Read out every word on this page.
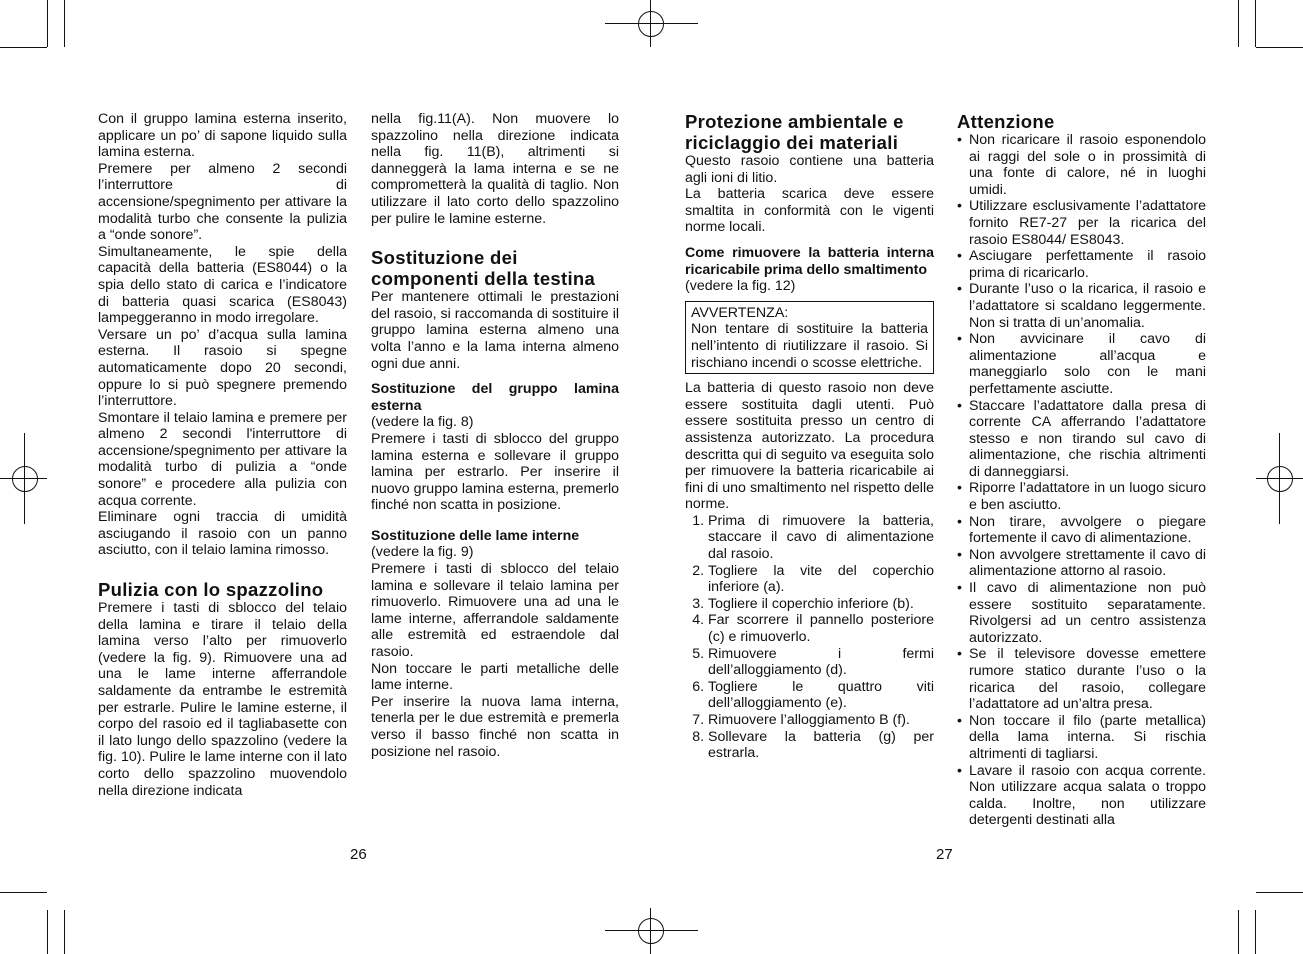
Con il gruppo lamina esterna inserito, applicare un po’ di sapone liquido sulla lamina esterna.

Premere per almeno 2 secondi l’interruttore di accensione/spegnimento per attivare la modalità turbo che consente la pulizia a “onde sonore”.

Simultaneamente, le spie della capacità della batteria (ES8044) o la spia dello stato di carica e l’indicatore di batteria quasi scarica (ES8043) lampeggeranno in modo irregolare.

Versare un po’ d’acqua sulla lamina esterna. Il rasoio si spegne automaticamente dopo 20 secondi, oppure lo si può spegnere premendo l’interruttore.

Smontare il telaio lamina e premere per almeno 2 secondi l'interruttore di accensione/spegnimento per attivare la modalità turbo di pulizia a “onde sonore” e procedere alla pulizia con acqua corrente.

Eliminare ogni traccia di umidità asciugando il rasoio con un panno asciutto, con il telaio lamina rimosso.

Pulizia con lo spazzolino

Premere i tasti di sblocco del telaio della lamina e tirare il telaio della lamina verso l’alto per rimuoverlo (vedere la fig. 9). Rimuovere una ad una le lame interne afferrandole saldamente da entrambe le estremità per estrarle. Pulire le lamine esterne, il corpo del rasoio ed il tagliabasette con il lato lungo dello spazzolino (vedere la fig. 10). Pulire le lame interne con il lato corto dello spazzolino muovendolo nella direzione indicata

nella fig.11(A). Non muovere lo spazzolino nella direzione indicata nella fig. 11(B), altrimenti si danneggerà la lama interna e se ne comprometterà la qualità di taglio. Non utilizzare il lato corto dello spazzolino per pulire le lamine esterne.

Sostituzione dei componenti della testina

Per mantenere ottimali le prestazioni del rasoio, si raccomanda di sostituire il gruppo lamina esterna almeno una volta l’anno e la lama interna almeno ogni due anni.

Sostituzione del gruppo lamina esterna

(vedere la fig. 8)

Premere i tasti di sblocco del gruppo lamina esterna e sollevare il gruppo lamina per estrarlo. Per inserire il nuovo gruppo lamina esterna, premerlo finché non scatta in posizione.

Sostituzione delle lame interne

(vedere la fig. 9)

Premere i tasti di sblocco del telaio lamina e sollevare il telaio lamina per rimuoverlo. Rimuovere una ad una le lame interne, afferrandole saldamente alle estremità ed estraendole dal rasoio.

Non toccare le parti metalliche delle lame interne.

Per inserire la nuova lama interna, tenerla per le due estremità e premerla verso il basso finché non scatta in posizione nel rasoio.

26
Protezione ambientale e riciclaggio dei materiali

Questo rasoio contiene una batteria agli ioni di litio.

La batteria scarica deve essere smaltita in conformità con le vigenti norme locali.

Come rimuovere la batteria interna ricaricabile prima dello smaltimento

(vedere la fig. 12)

AVVERTENZA:

Non tentare di sostituire la batteria nell’intento di riutilizzare il rasoio. Si rischiano incendi o scosse elettriche.

La batteria di questo rasoio non deve essere sostituita dagli utenti. Può essere sostituita presso un centro di assistenza autorizzato. La procedura descritta qui di seguito va eseguita solo per rimuovere la batteria ricaricabile ai fini di uno smaltimento nel rispetto delle norme.

1. Prima di rimuovere la batteria, staccare il cavo di alimentazione dal rasoio.
2. Togliere la vite del coperchio inferiore (a).
3. Togliere il coperchio inferiore (b).
4. Far scorrere il pannello posteriore (c) e rimuoverlo.
5. Rimuovere i fermi dell’alloggiamento (d).
6. Togliere le quattro viti dell’alloggiamento (e).
7. Rimuovere l’alloggiamento B (f).
8. Sollevare la batteria (g) per estrarla.
Attenzione
• Non ricaricare il rasoio esponendolo ai raggi del sole o in prossimità di una fonte di calore, né in luoghi umidi.
• Utilizzare esclusivamente l’adattatore fornito RE7-27 per la ricarica del rasoio ES8044/ ES8043.
• Asciugare perfettamente il rasoio prima di ricaricarlo.
• Durante l’uso o la ricarica, il rasoio e l’adattatore si scaldano leggermente. Non si tratta di un’anomalia.
• Non avvicinare il cavo di alimentazione all’acqua e maneggiarlo solo con le mani perfettamente asciutte.
• Staccare l’adattatore dalla presa di corrente CA afferrando l’adattatore stesso e non tirando sul cavo di alimentazione, che rischia altrimenti di danneggiarsi.
• Riporre l’adattatore in un luogo sicuro e ben asciutto.
• Non tirare, avvolgere o piegare fortemente il cavo di alimentazione.
• Non avvolgere strettamente il cavo di alimentazione attorno al rasoio.
• Il cavo di alimentazione non può essere sostituito separatamente. Rivolgersi ad un centro assistenza autorizzato.
• Se il televisore dovesse emettere rumore statico durante l’uso o la ricarica del rasoio, collegare l’adattatore ad un’altra presa.
• Non toccare il filo (parte metallica) della lama interna. Si rischia altrimenti di tagliarsi.
• Lavare il rasoio con acqua corrente. Non utilizzare acqua salata o troppo calda. Inoltre, non utilizzare detergenti destinati alla
27
